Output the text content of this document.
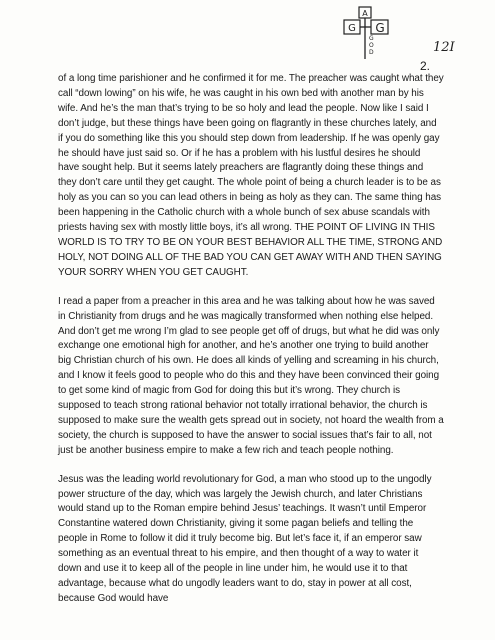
A
G G
G
O
D	12I
2.

of a long time parishioner and he confirmed it for me. The preacher was caught what they call “down lowing” on his wife, he was caught in his own bed with another man by his wife. And he’s the man that’s trying to be so holy and lead the people. Now like I said I don’t judge, but these things have been going on flagrantly in these churches lately, and if you do something like this you should step down from leadership. If he was openly gay he should have just said so. Or if he has a problem with his lustful desires he should have sought help. But it seems lately preachers are flagrantly doing these things and they don’t care until they get caught. The whole point of being a church leader is to be as holy as you can so you can lead others in being as holy as they can. The same thing has been happening in the Catholic church with a whole bunch of sex abuse scandals with priests having sex with mostly little boys, it’s all wrong. THE POINT OF LIVING IN THIS WORLD IS TO TRY TO BE ON YOUR BEST BEHAVIOR ALL THE TIME, STRONG AND HOLY, NOT DOING ALL OF THE BAD YOU CAN GET AWAY WITH AND THEN SAYING YOUR SORRY WHEN YOU GET CAUGHT.

I read a paper from a preacher in this area and he was talking about how he was saved in Christianity from drugs and he was magically transformed when nothing else helped. And don’t get me wrong I’m glad to see people get off of drugs, but what he did was only exchange one emotional high for another, and he’s another one trying to build another big Christian church of his own. He does all kinds of yelling and screaming in his church, and I know it feels good to people who do this and they have been convinced their going to get some kind of magic from God for doing this but it’s wrong. They church is supposed to teach strong rational behavior not totally irrational behavior, the church is supposed to make sure the wealth gets spread out in society, not hoard the wealth from a society, the church is supposed to have the answer to social issues that’s fair to all, not just be another business empire to make a few rich and teach people nothing.

Jesus was the leading world revolutionary for God, a man who stood up to the ungodly power structure of the day, which was largely the Jewish church, and later Christians would stand up to the Roman empire behind Jesus’ teachings. It wasn’t until Emperor Constantine watered down Christianity, giving it some pagan beliefs and telling the people in Rome to follow it did it truly become big. But let’s face it, if an emperor saw something as an eventual threat to his empire, and then thought of a way to water it down and use it to keep all of the people in line under him, he would use it to that advantage, because what do ungodly leaders want to do, stay in power at all cost, because God would have
